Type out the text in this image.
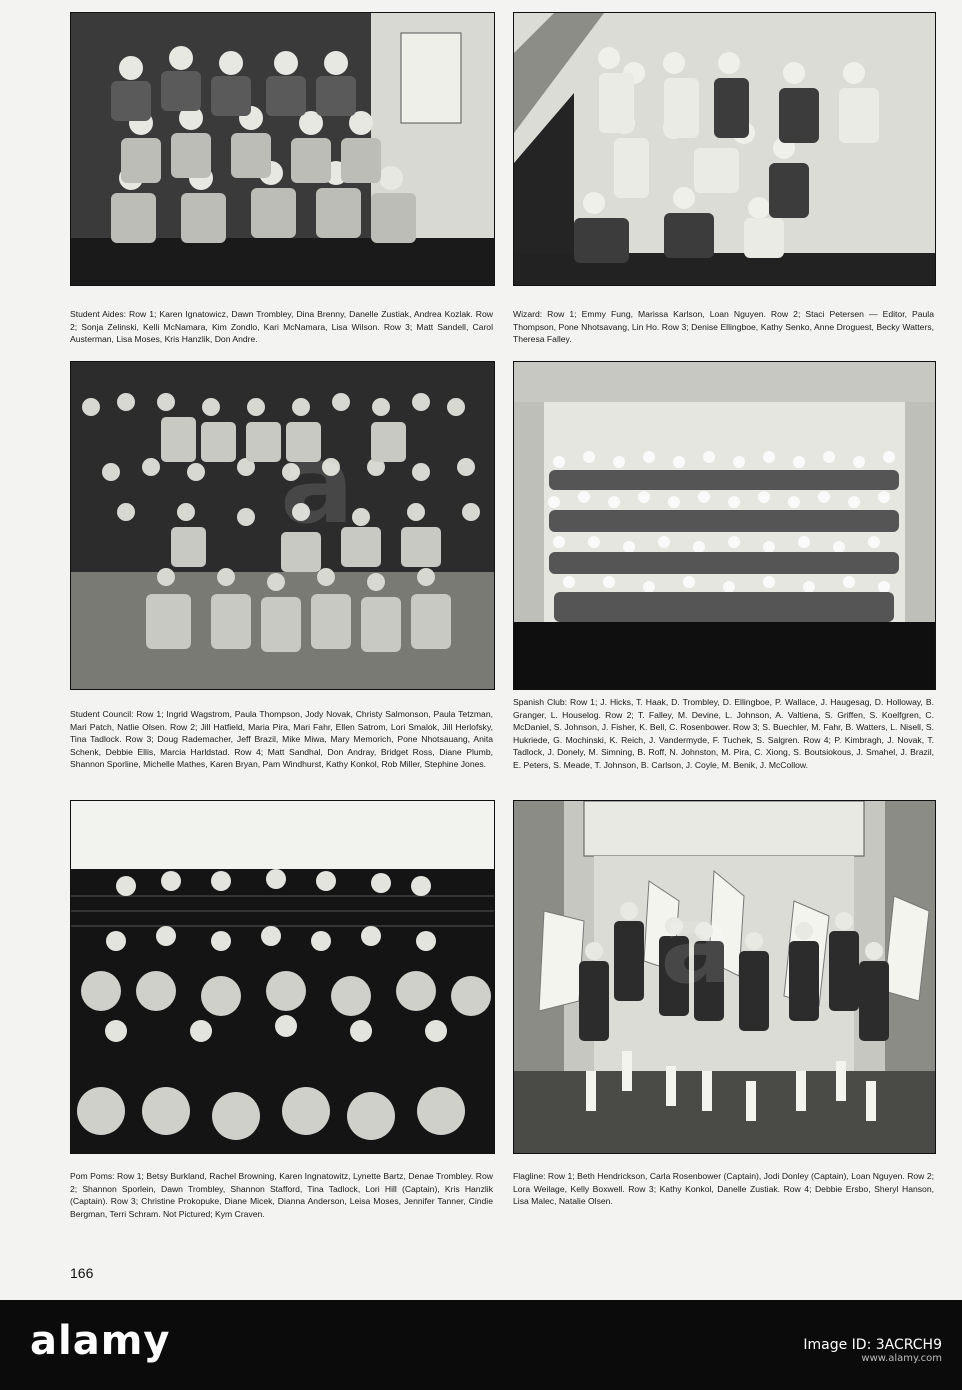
Student Aides: Row 1; Karen Ignatowicz, Dawn Trombley, Dina Brenny, Danelle Zustiak, Andrea Kozlak. Row 2; Sonja Zelinski, Kelli McNamara, Kim Zondlo, Kari McNamara, Lisa Wilson. Row 3; Matt Sandell, Carol Austerman, Lisa Moses, Kris Hanzlik, Don Andre.
Wizard: Row 1; Emmy Fung, Marissa Karlson, Loan Nguyen. Row 2; Staci Petersen — Editor, Paula Thompson, Pone Nhotsavang, Lin Ho. Row 3; Denise Ellingboe, Kathy Senko, Anne Droguest, Becky Watters, Theresa Falley.
Student Council: Row 1; Ingrid Wagstrom, Paula Thompson, Jody Novak, Christy Salmonson, Paula Tetzman, Mari Patch, Natlie Olsen. Row 2; Jill Hatfield, Maria Pira, Mari Fahr, Ellen Satrom, Lori Smalok, Jill Herlofsky, Tina Tadlock. Row 3; Doug Rademacher, Jeff Brazil, Mike Miwa, Mary Memorich, Pone Nhotsauang, Anita Schenk, Debbie Ellis, Marcia Harldstad. Row 4; Matt Sandhal, Don Andray, Bridget Ross, Diane Plumb, Shannon Sporline, Michelle Mathes, Karen Bryan, Pam Windhurst, Kathy Konkol, Rob Miller, Stephine Jones.
Spanish Club: Row 1; J. Hicks, T. Haak, D. Trombley, D. Ellingboe, P. Wallace, J. Haugesag, D. Holloway, B. Granger, L. Houselog. Row 2; T. Falley, M. Devine, L. Johnson, A. Valtiena, S. Griffen, S. Koelfgren, C. McDaniel, S. Johnson, J. Fisher, K. Bell, C. Rosenbower. Row 3; S. Buechler, M. Fahr, B. Watters, L. Nisell, S. Hukriede, G. Mochinski, K. Reich, J. Vandermyde, F. Tuchek, S. Salgren. Row 4; P. Kimbragh, J. Novak, T. Tadlock, J. Donely, M. Simning, B. Roff, N. Johnston, M. Pira, C. Xiong, S. Boutsiokous, J. Smahel, J. Brazil, E. Peters, S. Meade, T. Johnson, B. Carlson, J. Coyle, M. Benik, J. McCollow.
Pom Poms: Row 1; Betsy Burkland, Rachel Browning, Karen Ingnatowitz, Lynette Bartz, Denae Trombley. Row 2; Shannon Sporlein, Dawn Trombley, Shannon Stafford, Tina Tadlock, Lori Hill (Captain), Kris Hanzlik (Captain). Row 3; Christine Prokopuke, Diane Micek, Dianna Anderson, Leisa Moses, Jennifer Tanner, Cindie Bergman, Terri Schram. Not Pictured; Kym Craven.
Flagline: Row 1; Beth Hendrickson, Carla Rosenbower (Captain), Jodi Donley (Captain), Loan Nguyen. Row 2; Lora Weilage, Kelly Boxwell. Row 3; Kathy Konkol, Danelle Zustiak. Row 4; Debbie Ersbo, Sheryl Hanson, Lisa Malec, Natalie Olsen.
166
alamy
	Image ID: 3ACRCH9
www.alamy.com
